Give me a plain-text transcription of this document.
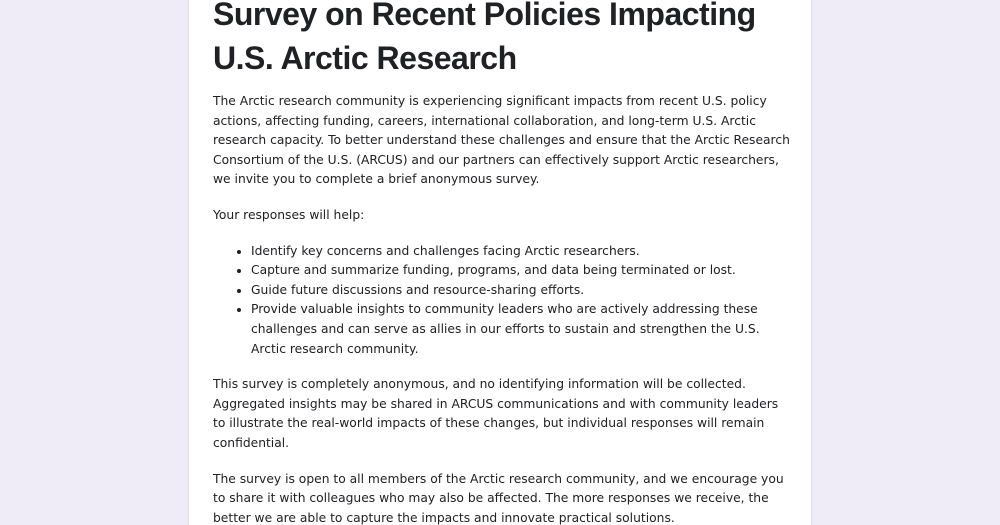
Survey on Recent Policies Impacting U.S. Arctic Research

The Arctic research community is experiencing significant impacts from recent U.S. policy actions, affecting funding, careers, international collaboration, and long-term U.S. Arctic research capacity. To better understand these challenges and ensure that the Arctic Research Consortium of the U.S. (ARCUS) and our partners can effectively support Arctic researchers, we invite you to complete a brief anonymous survey.

Your responses will help:

• Identify key concerns and challenges facing Arctic researchers.
• Capture and summarize funding, programs, and data being terminated or lost.
• Guide future discussions and resource-sharing efforts.
• Provide valuable insights to community leaders who are actively addressing these challenges and can serve as allies in our efforts to sustain and strengthen the U.S. Arctic research community.

This survey is completely anonymous, and no identifying information will be collected. Aggregated insights may be shared in ARCUS communications and with community leaders to illustrate the real-world impacts of these changes, but individual responses will remain confidential.

The survey is open to all members of the Arctic research community, and we encourage you to share it with colleagues who may also be affected. The more responses we receive, the better we are able to capture the impacts and innovate practical solutions.
